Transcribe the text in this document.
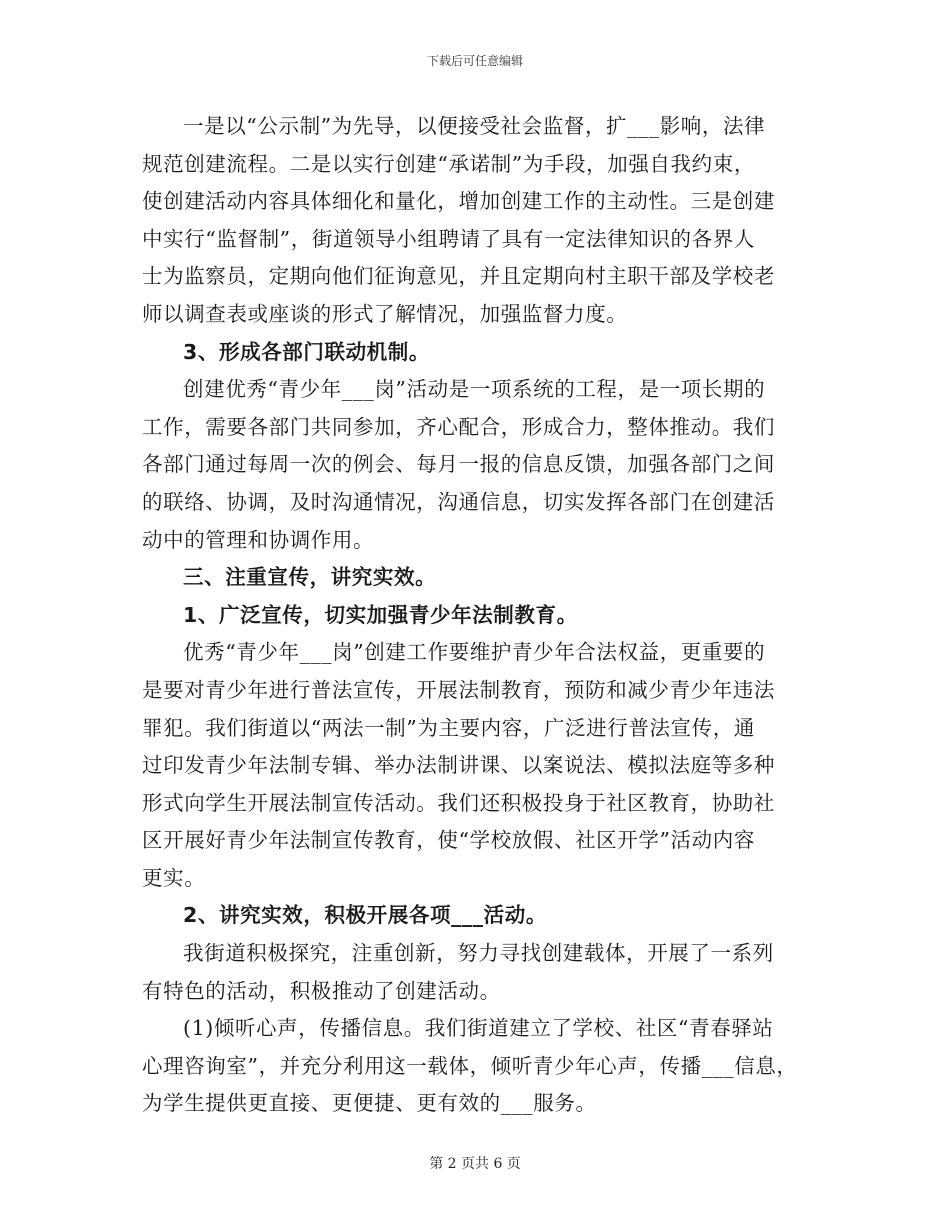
下载后可任意编辑
一是以“公示制”为先导，以便接受社会监督，扩___影响，法律
规范创建流程。二是以实行创建“承诺制”为手段，加强自我约束，
使创建活动内容具体细化和量化，增加创建工作的主动性。三是创建
中实行“监督制”，街道领导小组聘请了具有一定法律知识的各界人
士为监察员，定期向他们征询意见，并且定期向村主职干部及学校老
师以调查表或座谈的形式了解情况，加强监督力度。
3、形成各部门联动机制。
创建优秀“青少年___岗”活动是一项系统的工程，是一项长期的
工作，需要各部门共同参加，齐心配合，形成合力，整体推动。我们
各部门通过每周一次的例会、每月一报的信息反馈，加强各部门之间
的联络、协调，及时沟通情况，沟通信息，切实发挥各部门在创建活
动中的管理和协调作用。
三、注重宣传，讲究实效。
1、广泛宣传，切实加强青少年法制教育。
优秀“青少年___岗”创建工作要维护青少年合法权益，更重要的
是要对青少年进行普法宣传，开展法制教育，预防和减少青少年违法
罪犯。我们街道以“两法一制”为主要内容，广泛进行普法宣传，通
过印发青少年法制专辑、举办法制讲课、以案说法、模拟法庭等多种
形式向学生开展法制宣传活动。我们还积极投身于社区教育，协助社
区开展好青少年法制宣传教育，使“学校放假、社区开学”活动内容
更实。
2、讲究实效，积极开展各项___活动。
我街道积极探究，注重创新，努力寻找创建载体，开展了一系列
有特色的活动，积极推动了创建活动。
(1)倾听心声，传播信息。我们街道建立了学校、社区“青春驿站
心理咨询室”，并充分利用这一载体，倾听青少年心声，传播___信息，
为学生提供更直接、更便捷、更有效的___服务。
第 2 页共 6 页
